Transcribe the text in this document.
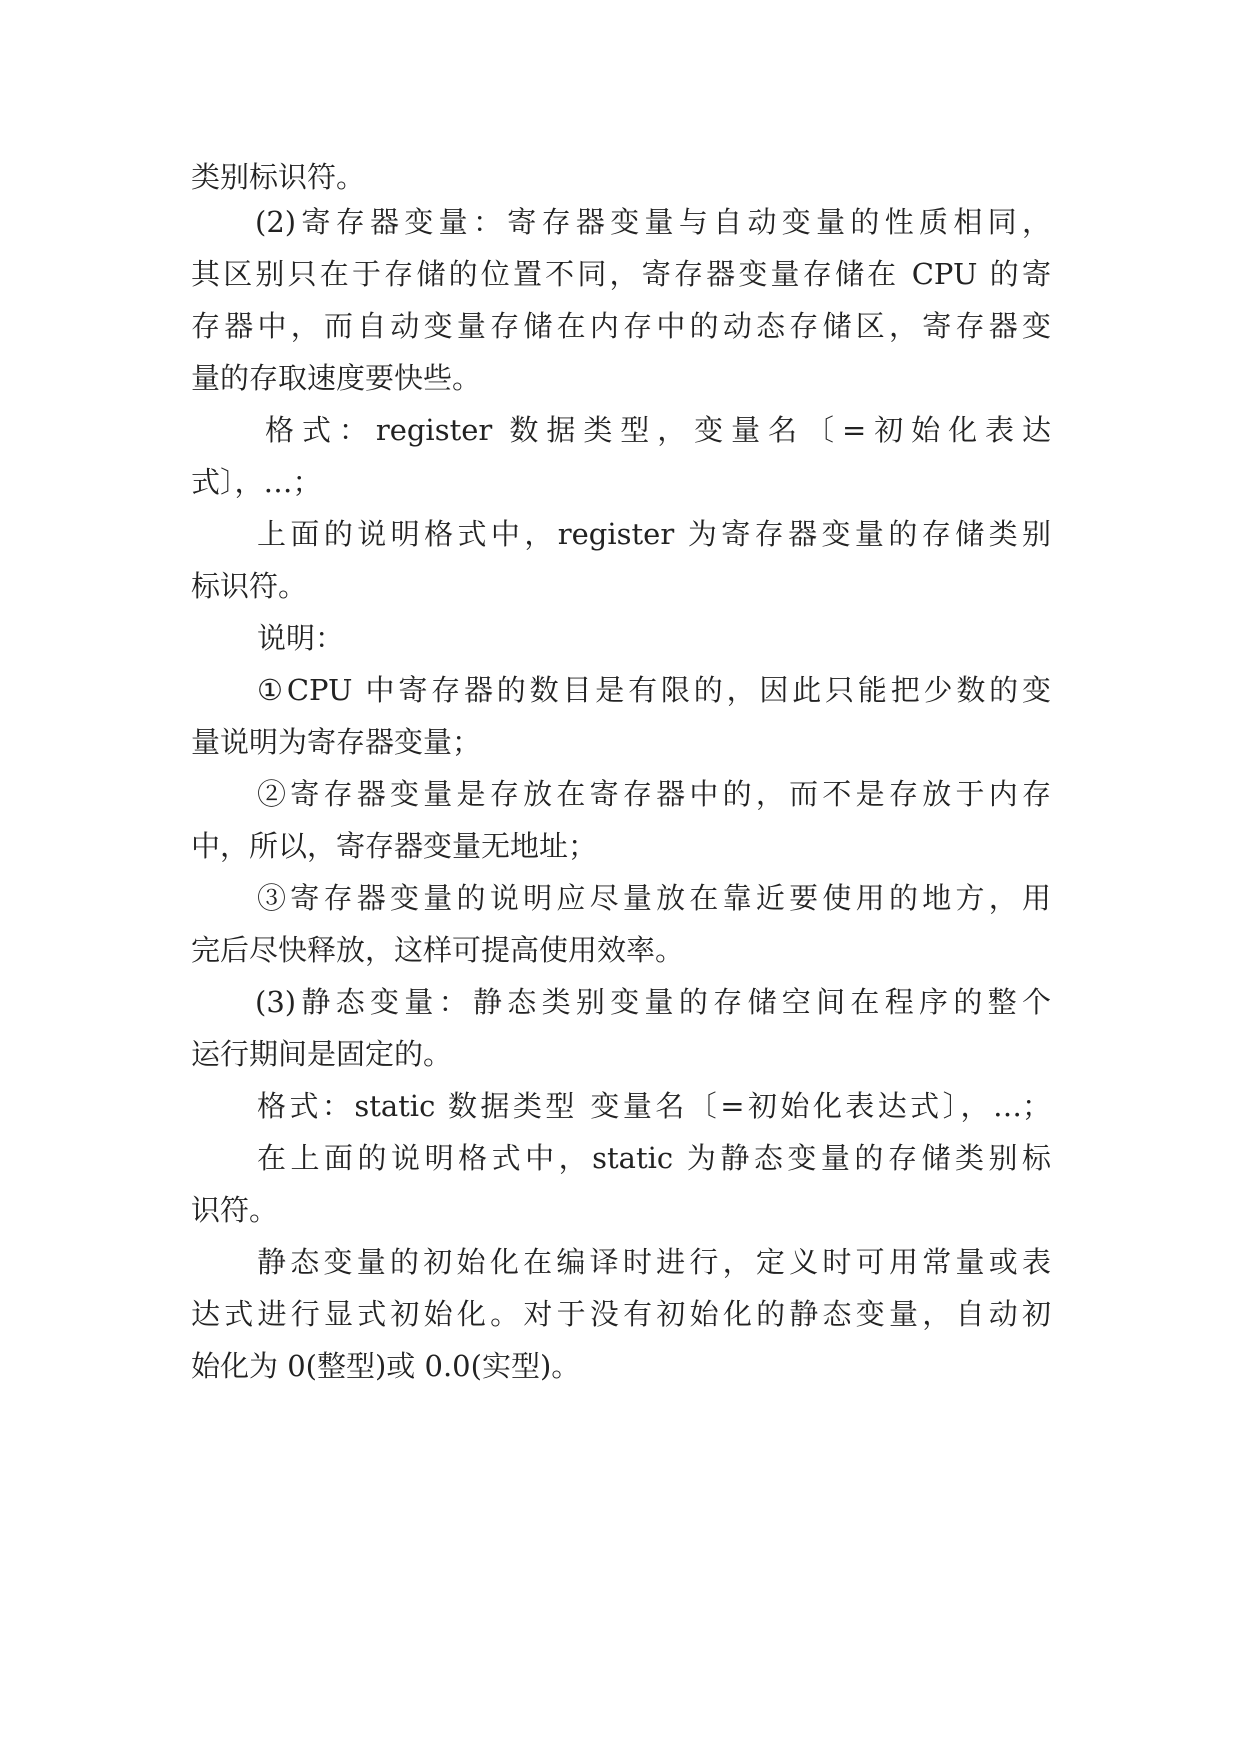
类别标识符。
(2)寄存器变量：寄存器变量与自动变量的性质相同，
其区别只在于存储的位置不同，寄存器变量存储在 CPU 的寄
存器中，而自动变量存储在内存中的动态存储区，寄存器变
量的存取速度要快些。
格式：register 数据类型，变量名〔=初始化表达
式〕，…；
上面的说明格式中，register 为寄存器变量的存储类别
标识符。
说明：
①CPU 中寄存器的数目是有限的，因此只能把少数的变
量说明为寄存器变量；
②寄存器变量是存放在寄存器中的，而不是存放于内存
中，所以，寄存器变量无地址；
③寄存器变量的说明应尽量放在靠近要使用的地方，用
完后尽快释放，这样可提高使用效率。
(3)静态变量：静态类别变量的存储空间在程序的整个
运行期间是固定的。
格式：static 数据类型 变量名〔=初始化表达式〕，…；
在上面的说明格式中，static 为静态变量的存储类别标
识符。
静态变量的初始化在编译时进行，定义时可用常量或表
达式进行显式初始化。对于没有初始化的静态变量，自动初
始化为 0(整型)或 0.0(实型)。
